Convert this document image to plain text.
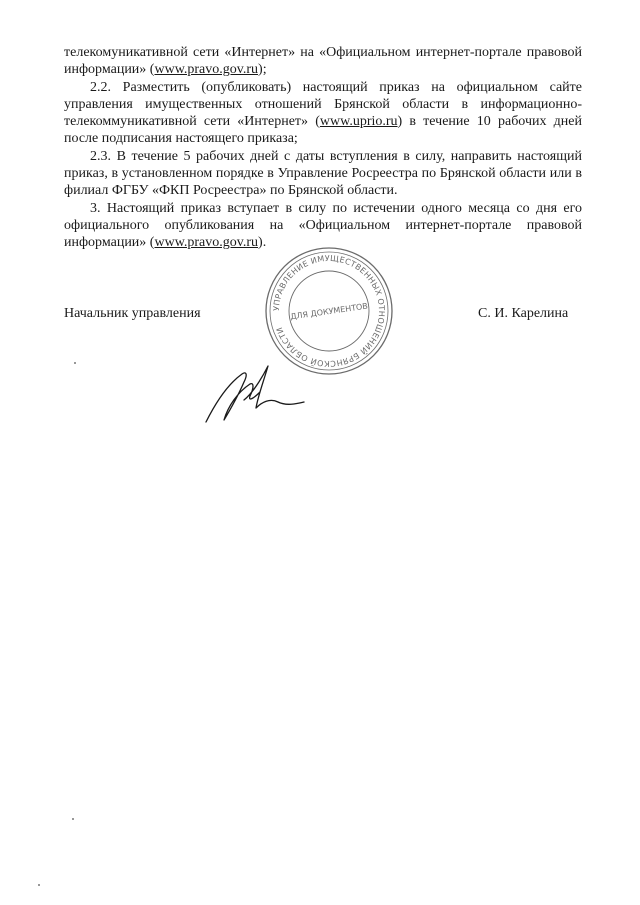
телекомуникативной сети «Интернет» на «Официальном интернет-портале правовой информации» (www.pravo.gov.ru);

2.2. Разместить (опубликовать) настоящий приказ на официальном сайте управления имущественных отношений Брянской области в информационно-телекоммуникативной сети «Интернет» (www.uprio.ru) в течение 10 рабочих дней после подписания настоящего приказа;

2.3. В течение 5 рабочих дней с даты вступления в силу, направить настоящий приказ, в установленном порядке в Управление Росреестра по Брянской области или в филиал ФГБУ «ФКП Росреестра» по Брянской области.

3. Настоящий приказ вступает в силу по истечении одного месяца со дня его официального опубликования на «Официальном интернет-портале правовой информации» (www.pravo.gov.ru).

Начальник управления	С. И. Карелина
УПРАВЛЕНИЕ ИМУЩЕСТВЕННЫХ ОТНОШЕНИЙ БРЯНСКОЙ ОБЛАСТИ
ДЛЯ ДОКУМЕНТОВ
